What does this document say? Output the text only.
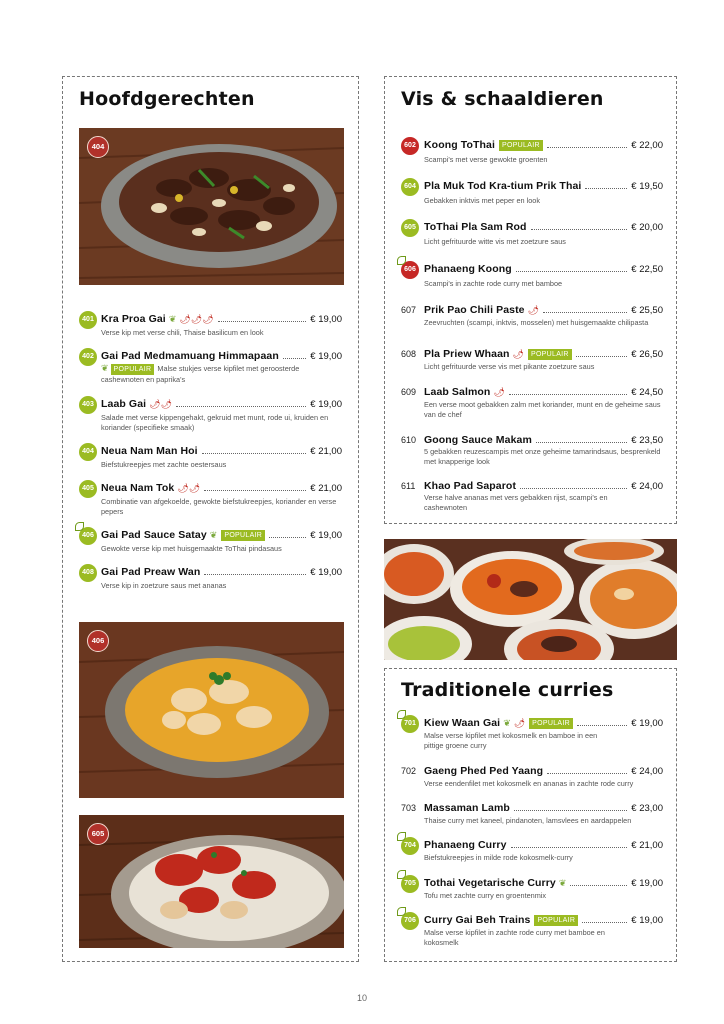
Hoofdgerechten
404
401 Kra Proa Gai ❦ 🌶🌶🌶	€ 19,00
Verse kip met verse chili, Thaise basilicum en look
402 Gai Pad Medmamuang Himmapaan	€ 19,00
❦ POPULAIR Malse stukjes verse kipfilet met geroosterde cashewnoten en paprika's
403 Laab Gai 🌶🌶	€ 19,00
Salade met verse kippengehakt, gekruid met munt, rode ui, kruiden en koriander (specifieke smaak)
404 Neua Nam Man Hoi	€ 21,00
Biefstukreepjes met zachte oestersaus
405 Neua Nam Tok 🌶🌶	€ 21,00
Combinatie van afgekoelde, gewokte biefstukreepjes, koriander en verse pepers
406 Gai Pad Sauce Satay ❦	POPULAIR	€ 19,00
Gewokte verse kip met huisgemaakte ToThai pindasaus
408 Gai Pad Preaw Wan	€ 19,00
Verse kip in zoetzure saus met ananas
406
605
Vis & schaaldieren
602 Koong ToThai	POPULAIR	€ 22,00
Scampi's met verse gewokte groenten
604 Pla Muk Tod Kra-tium Prik Thai	€ 19,50
Gebakken inktvis met peper en look
605 ToThai Pla Sam Rod	€ 20,00
Licht gefrituurde witte vis met zoetzure saus
606 Phanaeng Koong	€ 22,50
Scampi's in zachte rode curry met bamboe
607 Prik Pao Chili Paste 🌶	€ 25,50
Zeevruchten (scampi, inktvis, mosselen) met huisgemaakte chilipasta
608 Pla Priew Whaan 🌶	POPULAIR	€ 26,50
Licht gefrituurde verse vis met pikante zoetzure saus
609 Laab Salmon 🌶	€ 24,50
Een verse moot gebakken zalm met koriander, munt en de geheime saus van de chef
610 Goong Sauce Makam	€ 23,50
5 gebakken reuzescampis met onze geheime tamarindsaus, besprenkeld met knapperige look
611 Khao Pad Saparot	€ 24,00
Verse halve ananas met vers gebakken rijst, scampi's en cashewnoten
Traditionele curries
701 Kiew Waan Gai ❦ 🌶	POPULAIR	€ 19,00
Malse verse kipfilet met kokosmelk en bamboe in een pittige groene curry
702 Gaeng Phed Ped Yaang	€ 24,00
Verse eendenfilet met kokosmelk en ananas in zachte rode curry
703 Massaman Lamb	€ 23,00
Thaise curry met kaneel, pindanoten, lamsvlees en aardappelen
704 Phanaeng Curry	€ 21,00
Biefstukreepjes in milde rode kokosmelk-curry
705 Tothai Vegetarische Curry ❦	€ 19,00
Tofu met zachte curry en groentenmix
706 Curry Gai Beh Trains	POPULAIR	€ 19,00
Malse verse kipfilet in zachte rode curry met bamboe en kokosmelk
10
